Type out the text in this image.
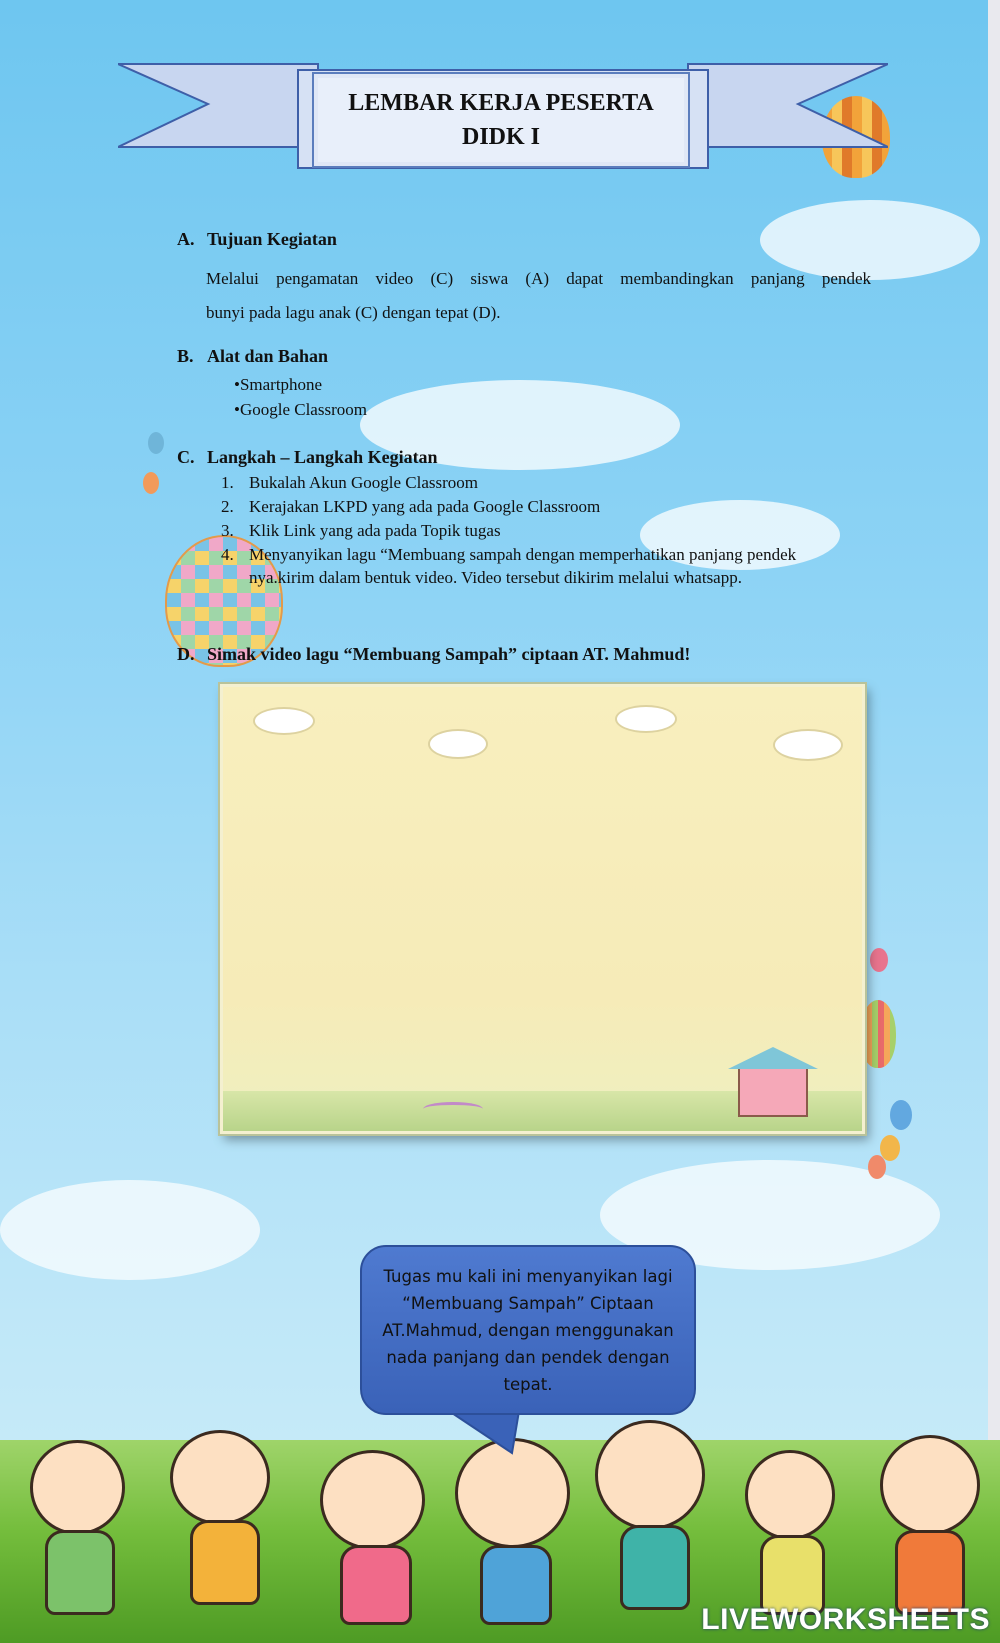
LEMBAR KERJA PESERTA
DIDK I
A. Tujuan Kegiatan
Melalui pengamatan video (C) siswa (A) dapat membandingkan panjang pendek
bunyi pada lagu anak (C) dengan tepat (D).
B. Alat dan Bahan
•Smartphone
•Google Classroom
C. Langkah – Langkah Kegiatan
1. Bukalah Akun Google Classroom
2. Kerajakan LKPD yang ada pada Google Classroom
3. Klik Link yang ada pada Topik tugas
4. Menyanyikan lagu “Membuang sampah dengan memperhatikan panjang pendek
nya.kirim dalam bentuk video. Video tersebut dikirim melalui whatsapp.
D. Simak video lagu “Membuang Sampah” ciptaan AT. Mahmud!
Tugas mu kali ini menyanyikan lagi
“Membuang Sampah” Ciptaan
AT.Mahmud, dengan menggunakan
nada panjang dan pendek dengan
tepat.
LIVEWORKSHEETS
